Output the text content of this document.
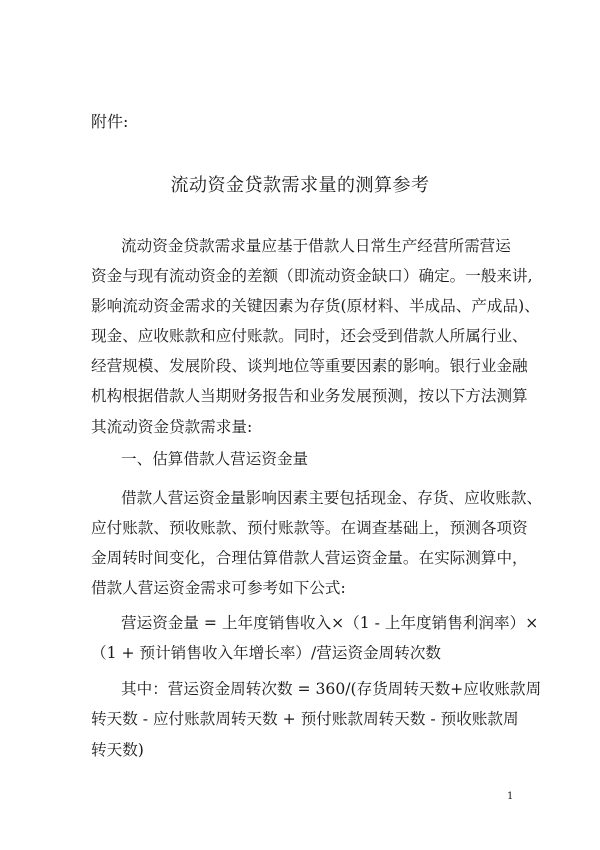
附件:
流动资金贷款需求量的测算参考
流动资金贷款需求量应基于借款人日常生产经营所需营运
资金与现有流动资金的差额（即流动资金缺口）确定。一般来讲,
影响流动资金需求的关键因素为存货(原材料、半成品、产成品)、
现金、应收账款和应付账款。同时，还会受到借款人所属行业、
经营规模、发展阶段、谈判地位等重要因素的影响。银行业金融
机构根据借款人当期财务报告和业务发展预测，按以下方法测算
其流动资金贷款需求量:
一、估算借款人营运资金量
借款人营运资金量影响因素主要包括现金、存货、应收账款、
应付账款、预收账款、预付账款等。在调查基础上，预测各项资
金周转时间变化，合理估算借款人营运资金量。在实际测算中，
借款人营运资金需求可参考如下公式:
营运资金量 = 上年度销售收入×（1 - 上年度销售利润率）×
（1 + 预计销售收入年增长率）/营运资金周转次数
其中：营运资金周转次数 = 360/(存货周转天数+应收账款周
转天数 - 应付账款周转天数 + 预付账款周转天数 - 预收账款周
转天数)
1
